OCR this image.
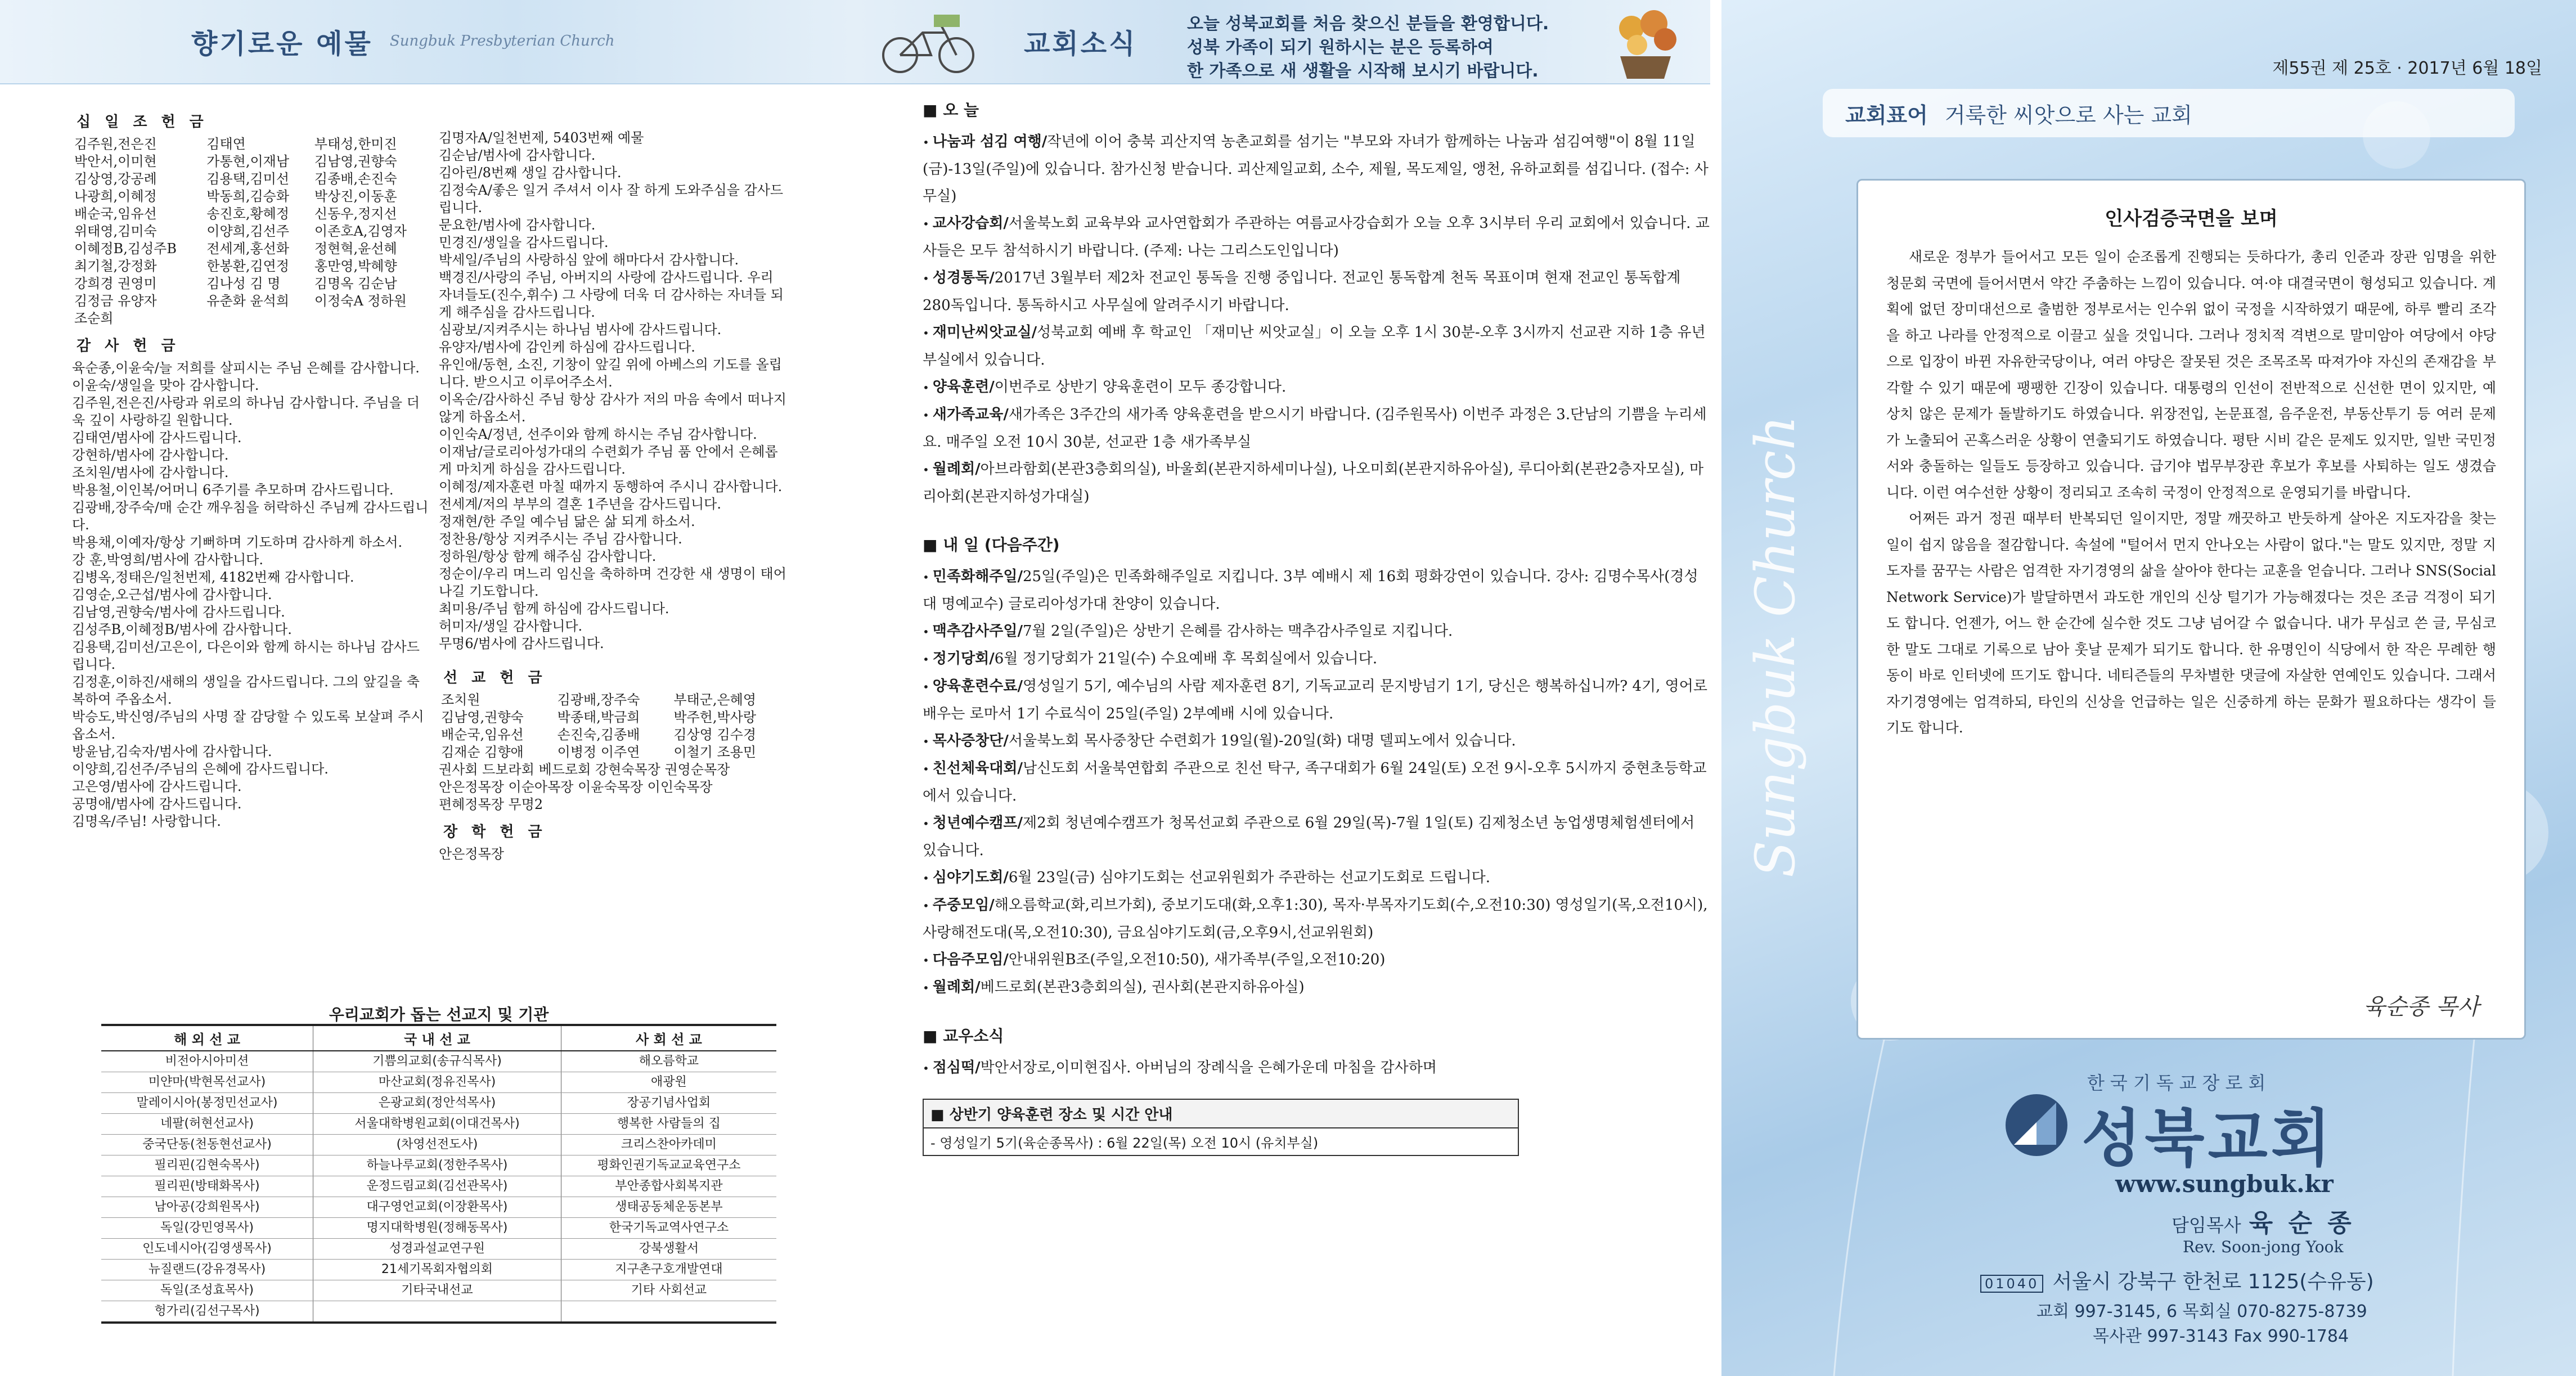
향기로운 예물 Sungbuk Presbyterian Church	교회소식
오늘 성북교회를 처음 찾으신 분들을 환영합니다.
성북 가족이 되기 원하시는 분은 등록하여
한 가족으로 새 생활을 시작해 보시기 바랍니다.
십 일 조 헌 금
김주원,전은진	김태연	부태성,한미진
박안서,이미현	가통현,이재남	김남영,권향숙
김상영,강공례	김용택,김미선	김종배,손진숙
나광희,이혜정	박동희,김승화	박상진,이동훈
배순국,임유선	송진호,황혜정	신동우,정지선
위태영,김미숙	이양희,김선주	이존호A,김영자
이혜정B,김성주B	전세계,홍선화	정현혁,윤선혜
최기철,강정화	한봉환,김연정	홍만영,박혜향
강희경 권영미	김나성 김 명	김명옥 김순남
김정금 유양자	유춘화 윤석희	이정숙A 정하원
조순희		
감 사 헌 금
육순종,이윤숙/늘 저희를 살피시는 주님 은혜를 감사합니다.
이윤숙/생일을 맞아 감사합니다.
김주원,전은진/사랑과 위로의 하나님 감사합니다. 주님을 더욱 깊이 사랑하길 원합니다.
김태연/범사에 감사드립니다.
강현하/범사에 감사합니다.
조치원/범사에 감사합니다.
박용철,이인복/어머니 6주기를 추모하며 감사드립니다.
김광배,장주숙/매 순간 깨우침을 허락하신 주님께 감사드립니다.
박용채,이예자/항상 기뻐하며 기도하며 감사하게 하소서.
강 훈,박영희/범사에 감사합니다.
김병옥,정태은/일천번제, 4182번째 감사합니다.
김영순,오근섭/범사에 감사합니다.
김남영,권향숙/범사에 감사드립니다.
김성주B,이혜정B/범사에 감사합니다.
김용택,김미선/고은이, 다은이와 함께 하시는 하나님 감사드립니다.
김정훈,이하진/새해의 생일을 감사드립니다. 그의 앞길을 축복하여 주옵소서.
박승도,박신영/주님의 사명 잘 감당할 수 있도록 보살펴 주시옵소서.
방윤남,김숙자/범사에 감사합니다.
이양희,김선주/주님의 은혜에 감사드립니다.
고은영/범사에 감사드립니다.
공명애/범사에 감사드립니다.
김명옥/주님! 사랑합니다.
김명자A/일천번제, 5403번째 예물
김순남/범사에 감사합니다.
김아린/8번째 생일 감사합니다.
김정숙A/좋은 일거 주셔서 이사 잘 하게 도와주심을 감사드립니다.
문요한/범사에 감사합니다.
민경진/생일을 감사드립니다.
박세일/주님의 사랑하심 앞에 해마다서 감사합니다.
백경진/사랑의 주님, 아버지의 사랑에 감사드립니다. 우리 자녀들도(진수,휘수) 그 사랑에 더욱 더 감사하는 자녀들 되게 해주심을 감사드립니다.
심광보/지켜주시는 하나님 범사에 감사드립니다.
유양자/범사에 감인케 하심에 감사드립니다.
유인애/동현, 소진, 기창이 앞길 위에 아베스의 기도를 올립니다. 받으시고 이루어주소서.
이옥순/감사하신 주님 항상 감사가 저의 마음 속에서 떠나지 않게 하옵소서.
이인숙A/정년, 선주이와 함께 하시는 주님 감사합니다.
이재남/글로리아성가대의 수련회가 주님 품 안에서 은혜롭게 마치게 하심을 감사드립니다.
이혜정/제자훈련 마칠 때까지 동행하여 주시니 감사합니다.
전세계/저의 부부의 결혼 1주년을 감사드립니다.
정재현/한 주일 예수님 닮은 삶 되게 하소서.
정찬용/항상 지켜주시는 주님 감사합니다.
정하원/항상 함께 해주심 감사합니다.
정순이/우리 며느리 임신을 축하하며 건강한 새 생명이 태어나길 기도합니다.
최미용/주님 함께 하심에 감사드립니다.
허미자/생일 감사합니다.
무명6/범사에 감사드립니다.
선 교 헌 금
조치원	김광배,장주숙	부태군,은혜영
김남영,권향숙	박종태,박금희	박주헌,박사랑
배순국,임유선	손진숙,김종배	김상영 김수경
김재순 김향애	이병정 이주연	이철기 조용민
권사회 드보라회 베드로회 강현숙목장 권영순목장
안은정목장 이순아목장 이윤숙목장 이인숙목장
편혜정목장 무명2
장 학 헌 금
안은정목장
우리교회가 돕는 선교지 및 기관
해 외 선 교	국 내 선 교	사 회 선 교
비전아시아미션	기쁨의교회(송규식목사)	해오름학교
미얀마(박현목선교사)	마산교회(정유진목사)	애광원
말레이시아(봉정민선교사)	은광교회(정안석목사)	장공기념사업회
네팔(허현선교사)	서울대학병원교회(이대건목사)	행복한 사람들의 집
중국단동(천동현선교사)	(차영선전도사)	크리스찬아카데미
필리핀(김현숙목사)	하늘나루교회(정한주목사)	평화인권기독교교육연구소
필리핀(방태화목사)	운정드림교회(김선관목사)	부안종합사회복지관
남아공(강희원목사)	대구영언교회(이장환목사)	생태공동체운동본부
독일(강민영목사)	명지대학병원(정해동목사)	한국기독교역사연구소
인도네시아(김영생목사)	성경과설교연구원	강북생활서
뉴질랜드(강유경목사)	21세기목회자협의회	지구촌구호개발연대
독일(조성효목사)	기타국내선교	기타 사회선교
헝가리(김선구목사)		
■ 오 늘
• 나눔과 섬김 여행/작년에 이어 충북 괴산지역 농촌교회를 섬기는 "부모와 자녀가 함께하는 나눔과 섬김여행"이 8월 11일(금)-13일(주일)에 있습니다. 참가신청 받습니다. 괴산제일교회, 소수, 제월, 목도제일, 앵천, 유하교회를 섬깁니다. (접수: 사무실)
• 교사강습회/서울북노회 교육부와 교사연합회가 주관하는 여름교사강습회가 오늘 오후 3시부터 우리 교회에서 있습니다. 교사들은 모두 참석하시기 바랍니다. (주제: 나는 그리스도인입니다)
• 성경통독/2017년 3월부터 제2차 전교인 통독을 진행 중입니다. 전교인 통독합계 천독 목표이며 현재 전교인 통독합계 280독입니다. 통독하시고 사무실에 알려주시기 바랍니다.
• 재미난씨앗교실/성북교회 예배 후 학교인 「재미난 씨앗교실」이 오늘 오후 1시 30분-오후 3시까지 선교관 지하 1층 유년부실에서 있습니다.
• 양육훈련/이번주로 상반기 양육훈련이 모두 종강합니다.
• 새가족교육/새가족은 3주간의 새가족 양육훈련을 받으시기 바랍니다. (김주원목사) 이번주 과정은 3.단남의 기쁨을 누리세요. 매주일 오전 10시 30분, 선교관 1층 새가족부실
• 월례회/아브라함회(본관3층회의실), 바울회(본관지하세미나실), 나오미회(본관지하유아실), 루디아회(본관2층자모실), 마리아회(본관지하성가대실)
■ 내 일 (다음주간)
• 민족화해주일/25일(주일)은 민족화해주일로 지킵니다. 3부 예배시 제 16회 평화강연이 있습니다. 강사: 김명수목사(경성대 명예교수) 글로리아성가대 찬양이 있습니다.
• 맥추감사주일/7월 2일(주일)은 상반기 은혜를 감사하는 맥추감사주일로 지킵니다.
• 정기당회/6월 정기당회가 21일(수) 수요예배 후 목회실에서 있습니다.
• 양육훈련수료/영성일기 5기, 예수님의 사람 제자훈련 8기, 기독교교리 문지방넘기 1기, 당신은 행복하십니까? 4기, 영어로 배우는 로마서 1기 수료식이 25일(주일) 2부예배 시에 있습니다.
• 목사증창단/서울북노회 목사중창단 수련회가 19일(월)-20일(화) 대명 델피노에서 있습니다.
• 친선체육대회/남신도회 서울북연합회 주관으로 친선 탁구, 족구대회가 6월 24일(토) 오전 9시-오후 5시까지 중현초등학교에서 있습니다.
• 청년예수캠프/제2회 청년예수캠프가 청목선교회 주관으로 6월 29일(목)-7월 1일(토) 김제청소년 농업생명체험센터에서 있습니다.
• 심야기도회/6월 23일(금) 심야기도회는 선교위원회가 주관하는 선교기도회로 드립니다.
• 주중모임/해오름학교(화,리브가회), 중보기도대(화,오후1:30), 목자·부목자기도회(수,오전10:30) 영성일기(목,오전10시), 사랑해전도대(목,오전10:30), 금요심야기도회(금,오후9시,선교위원회)
• 다음주모임/안내위원B조(주일,오전10:50), 새가족부(주일,오전10:20)
• 월례회/베드로회(본관3층회의실), 권사회(본관지하유아실)
■ 교우소식
• 점심떡/박안서장로,이미현집사. 아버님의 장례식을 은혜가운데 마침을 감사하며
■ 상반기 양육훈련 장소 및 시간 안내
- 영성일기 5기(육순종목사) : 6월 22일(목) 오전 10시 (유치부실)
제55권 제 25호 · 2017년 6월 18일
교회표어 거룩한 씨앗으로 사는 교회
Sungbuk Church
인사검증국면을 보며

새로운 정부가 들어서고 모든 일이 순조롭게 진행되는 듯하다가, 총리 인준과 장관 임명을 위한 청문회 국면에 들어서면서 약간 주춤하는 느낌이 있습니다. 여·야 대결국면이 형성되고 있습니다. 계획에 없던 장미대선으로 출범한 정부로서는 인수위 없이 국정을 시작하였기 때문에, 하루 빨리 조각을 하고 나라를 안정적으로 이끌고 싶을 것입니다. 그러나 정치적 격변으로 말미암아 여당에서 야당으로 입장이 바뀐 자유한국당이나, 여러 야당은 잘못된 것은 조목조목 따져가야 자신의 존재감을 부각할 수 있기 때문에 팽팽한 긴장이 있습니다. 대통령의 인선이 전반적으로 신선한 면이 있지만, 예상치 않은 문제가 돌발하기도 하였습니다. 위장전입, 논문표절, 음주운전, 부동산투기 등 여러 문제가 노출되어 곤혹스러운 상황이 연출되기도 하였습니다. 평탄 시비 같은 문제도 있지만, 일반 국민정서와 충돌하는 일들도 등장하고 있습니다. 급기야 법무부장관 후보가 후보를 사퇴하는 일도 생겼습니다. 이런 여수선한 상황이 정리되고 조속히 국정이 안정적으로 운영되기를 바랍니다.

어쩌든 과거 정권 때부터 반복되던 일이지만, 정말 깨끗하고 반듯하게 살아온 지도자감을 찾는 일이 쉽지 않음을 절감합니다. 속설에 "털어서 먼지 안나오는 사람이 없다."는 말도 있지만, 정말 지도자를 꿈꾸는 사람은 엄격한 자기경영의 삶을 살아야 한다는 교훈을 얻습니다. 그러나 SNS(Social Network Service)가 발달하면서 과도한 개인의 신상 털기가 가능해졌다는 것은 조금 걱정이 되기도 합니다. 언젠가, 어느 한 순간에 실수한 것도 그냥 넘어갈 수 없습니다. 내가 무심코 쓴 글, 무심코 한 말도 그대로 기록으로 남아 훗날 문제가 되기도 합니다. 한 유명인이 식당에서 한 작은 무례한 행동이 바로 인터넷에 뜨기도 합니다. 네티즌들의 무차별한 댓글에 자살한 연예인도 있습니다. 그래서 자기경영에는 엄격하되, 타인의 신상을 언급하는 일은 신중하게 하는 문화가 필요하다는 생각이 들기도 합니다.

육순종 목사
한국기독교장로회
성북교회
www.sungbuk.kr
담임목사 육 순 종
Rev. Soon-jong Yook
01040 서울시 강북구 한천로 1125(수유동)
교회 997-3145, 6 목회실 070-8275-8739
목사관 997-3143 Fax 990-1784
